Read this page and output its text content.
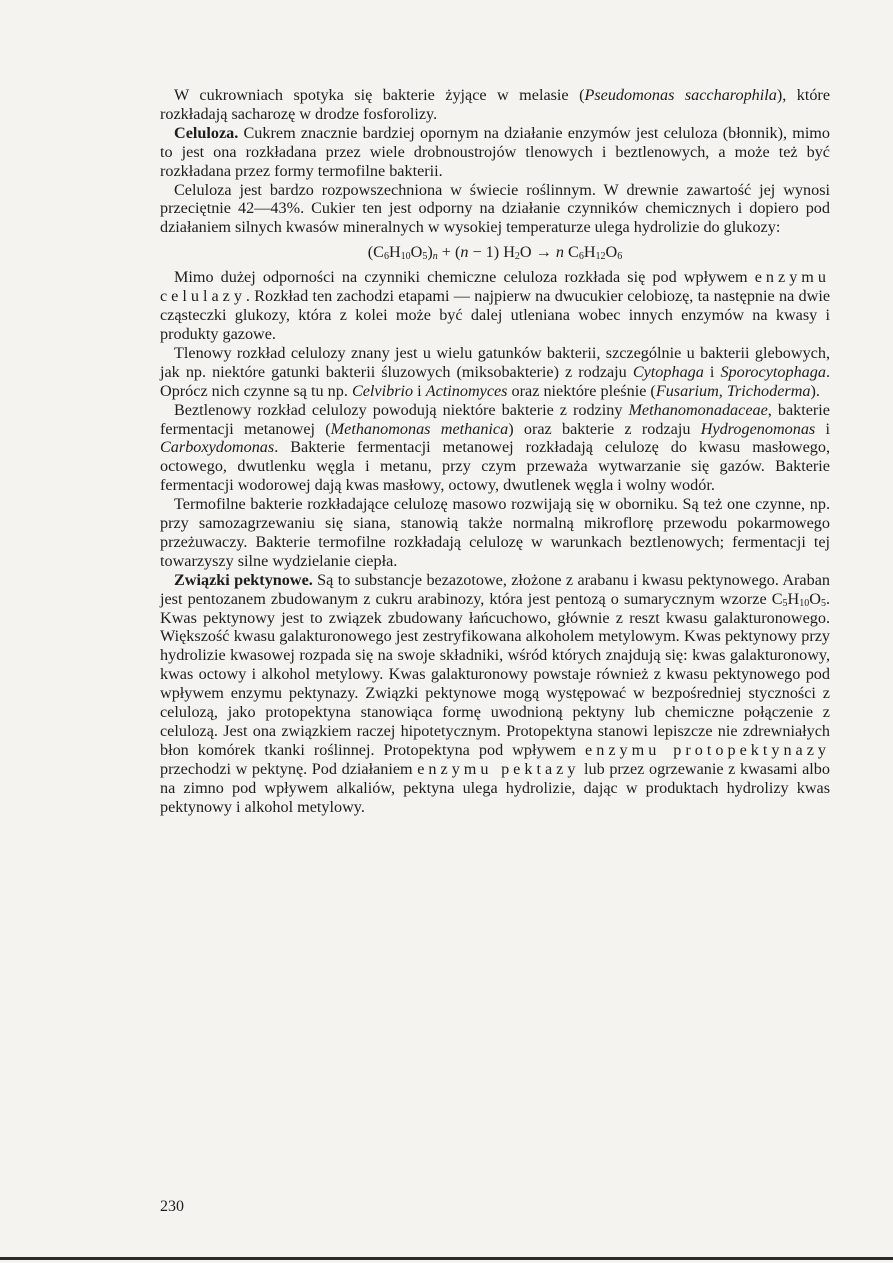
W cukrowniach spotyka się bakterie żyjące w melasie (Pseudomonas saccharophila), które rozkładają sacharozę w drodze fosforolizy.

Celuloza. Cukrem znacznie bardziej opornym na działanie enzymów jest celuloza (błonnik), mimo to jest ona rozkładana przez wiele drobnoustrojów tlenowych i beztlenowych, a może też być rozkładana przez formy termofilne bakterii.

Celuloza jest bardzo rozpowszechniona w świecie roślinnym. W drewnie zawartość jej wynosi przeciętnie 42—43%. Cukier ten jest odporny na działanie czynników chemicznych i dopiero pod działaniem silnych kwasów mineralnych w wysokiej temperaturze ulega hydrolizie do glukozy:

$(C_6H_{10}O_5)_n + (n - 1) H_2O \to n$ $C_6H_{12}O_6$

Mimo dużej odporności na czynniki chemiczne celuloza rozkłada się pod wpływem enzymu celulazy. Rozkład ten zachodzi etapami — najpierw na dwucukier celobiozę, ta następnie na dwie cząsteczki glukozy, która z kolei może być dalej utleniana wobec innych enzymów na kwasy i produkty gazowe.

Tlenowy rozkład celulozy znany jest u wielu gatunków bakterii, szczególnie u bakterii glebowych, jak np. niektóre gatunki bakterii śluzowych (miksobakterie) z rodzaju Cytophaga i Sporocytophaga. Oprócz nich czynne są tu np. Celvibrio i Actinomyces oraz niektóre pleśnie (Fusarium, Trichoderma).

Beztlenowy rozkład celulozy powodują niektóre bakterie z rodziny Methanomonadaceae, bakterie fermentacji metanowej (Methanomonas methanica) oraz bakterie z rodzaju Hydrogenomonas i Carboxydomonas. Bakterie fermentacji metanowej rozkładają celulozę do kwasu masłowego, octowego, dwutlenku węgla i metanu, przy czym przeważa wytwarzanie się gazów. Bakterie fermentacji wodorowej dają kwas masłowy, octowy, dwutlenek węgla i wolny wodór.

Termofilne bakterie rozkładające celulozę masowo rozwijają się w oborniku. Są też one czynne, np. przy samozagrzewaniu się siana, stanowią także normalną mikroflorę przewodu pokarmowego przeżuwaczy. Bakterie termofilne rozkładają celulozę w warunkach beztlenowych; fermentacji tej towarzyszy silne wydzielanie ciepła.

Związki pektynowe. Są to substancje bezazotowe, złożone z arabanu i kwasu pektynowego. Araban jest pentozanem zbudowanym z cukru arabinozy, która jest pentozą o sumarycznym wzorze $C_5H_{10}O_5$. Kwas pektynowy jest to związek zbudowany łańcuchowo, głównie z reszt kwasu galakturonowego. Większość kwasu galakturonowego jest zestryfikowana alkoholem metylowym. Kwas pektynowy przy hydrolizie kwasowej rozpada się na swoje składniki, wśród których znajdują się: kwas galakturonowy, kwas octowy i alkohol metylowy. Kwas galakturonowy powstaje również z kwasu pektynowego pod wpływem enzymu pektynazy. Związki pektynowe mogą występować w bezpośredniej styczności z celulozą, jako protopektyna stanowiąca formę uwodnioną pektyny lub chemiczne połączenie z celulozą. Jest ona związkiem raczej hipotetycznym. Protopektyna stanowi lepiszcze nie zdrewniałych błon komórek tkanki roślinnej. Protopektyna pod wpływem enzymu protopektynazy przechodzi w pektynę. Pod działaniem enzymu pektazy lub przez ogrzewanie z kwasami albo na zimno pod wpływem alkaliów, pektyna ulega hydrolizie, dając w produktach hydrolizy kwas pektynowy i alkohol metylowy.

230
